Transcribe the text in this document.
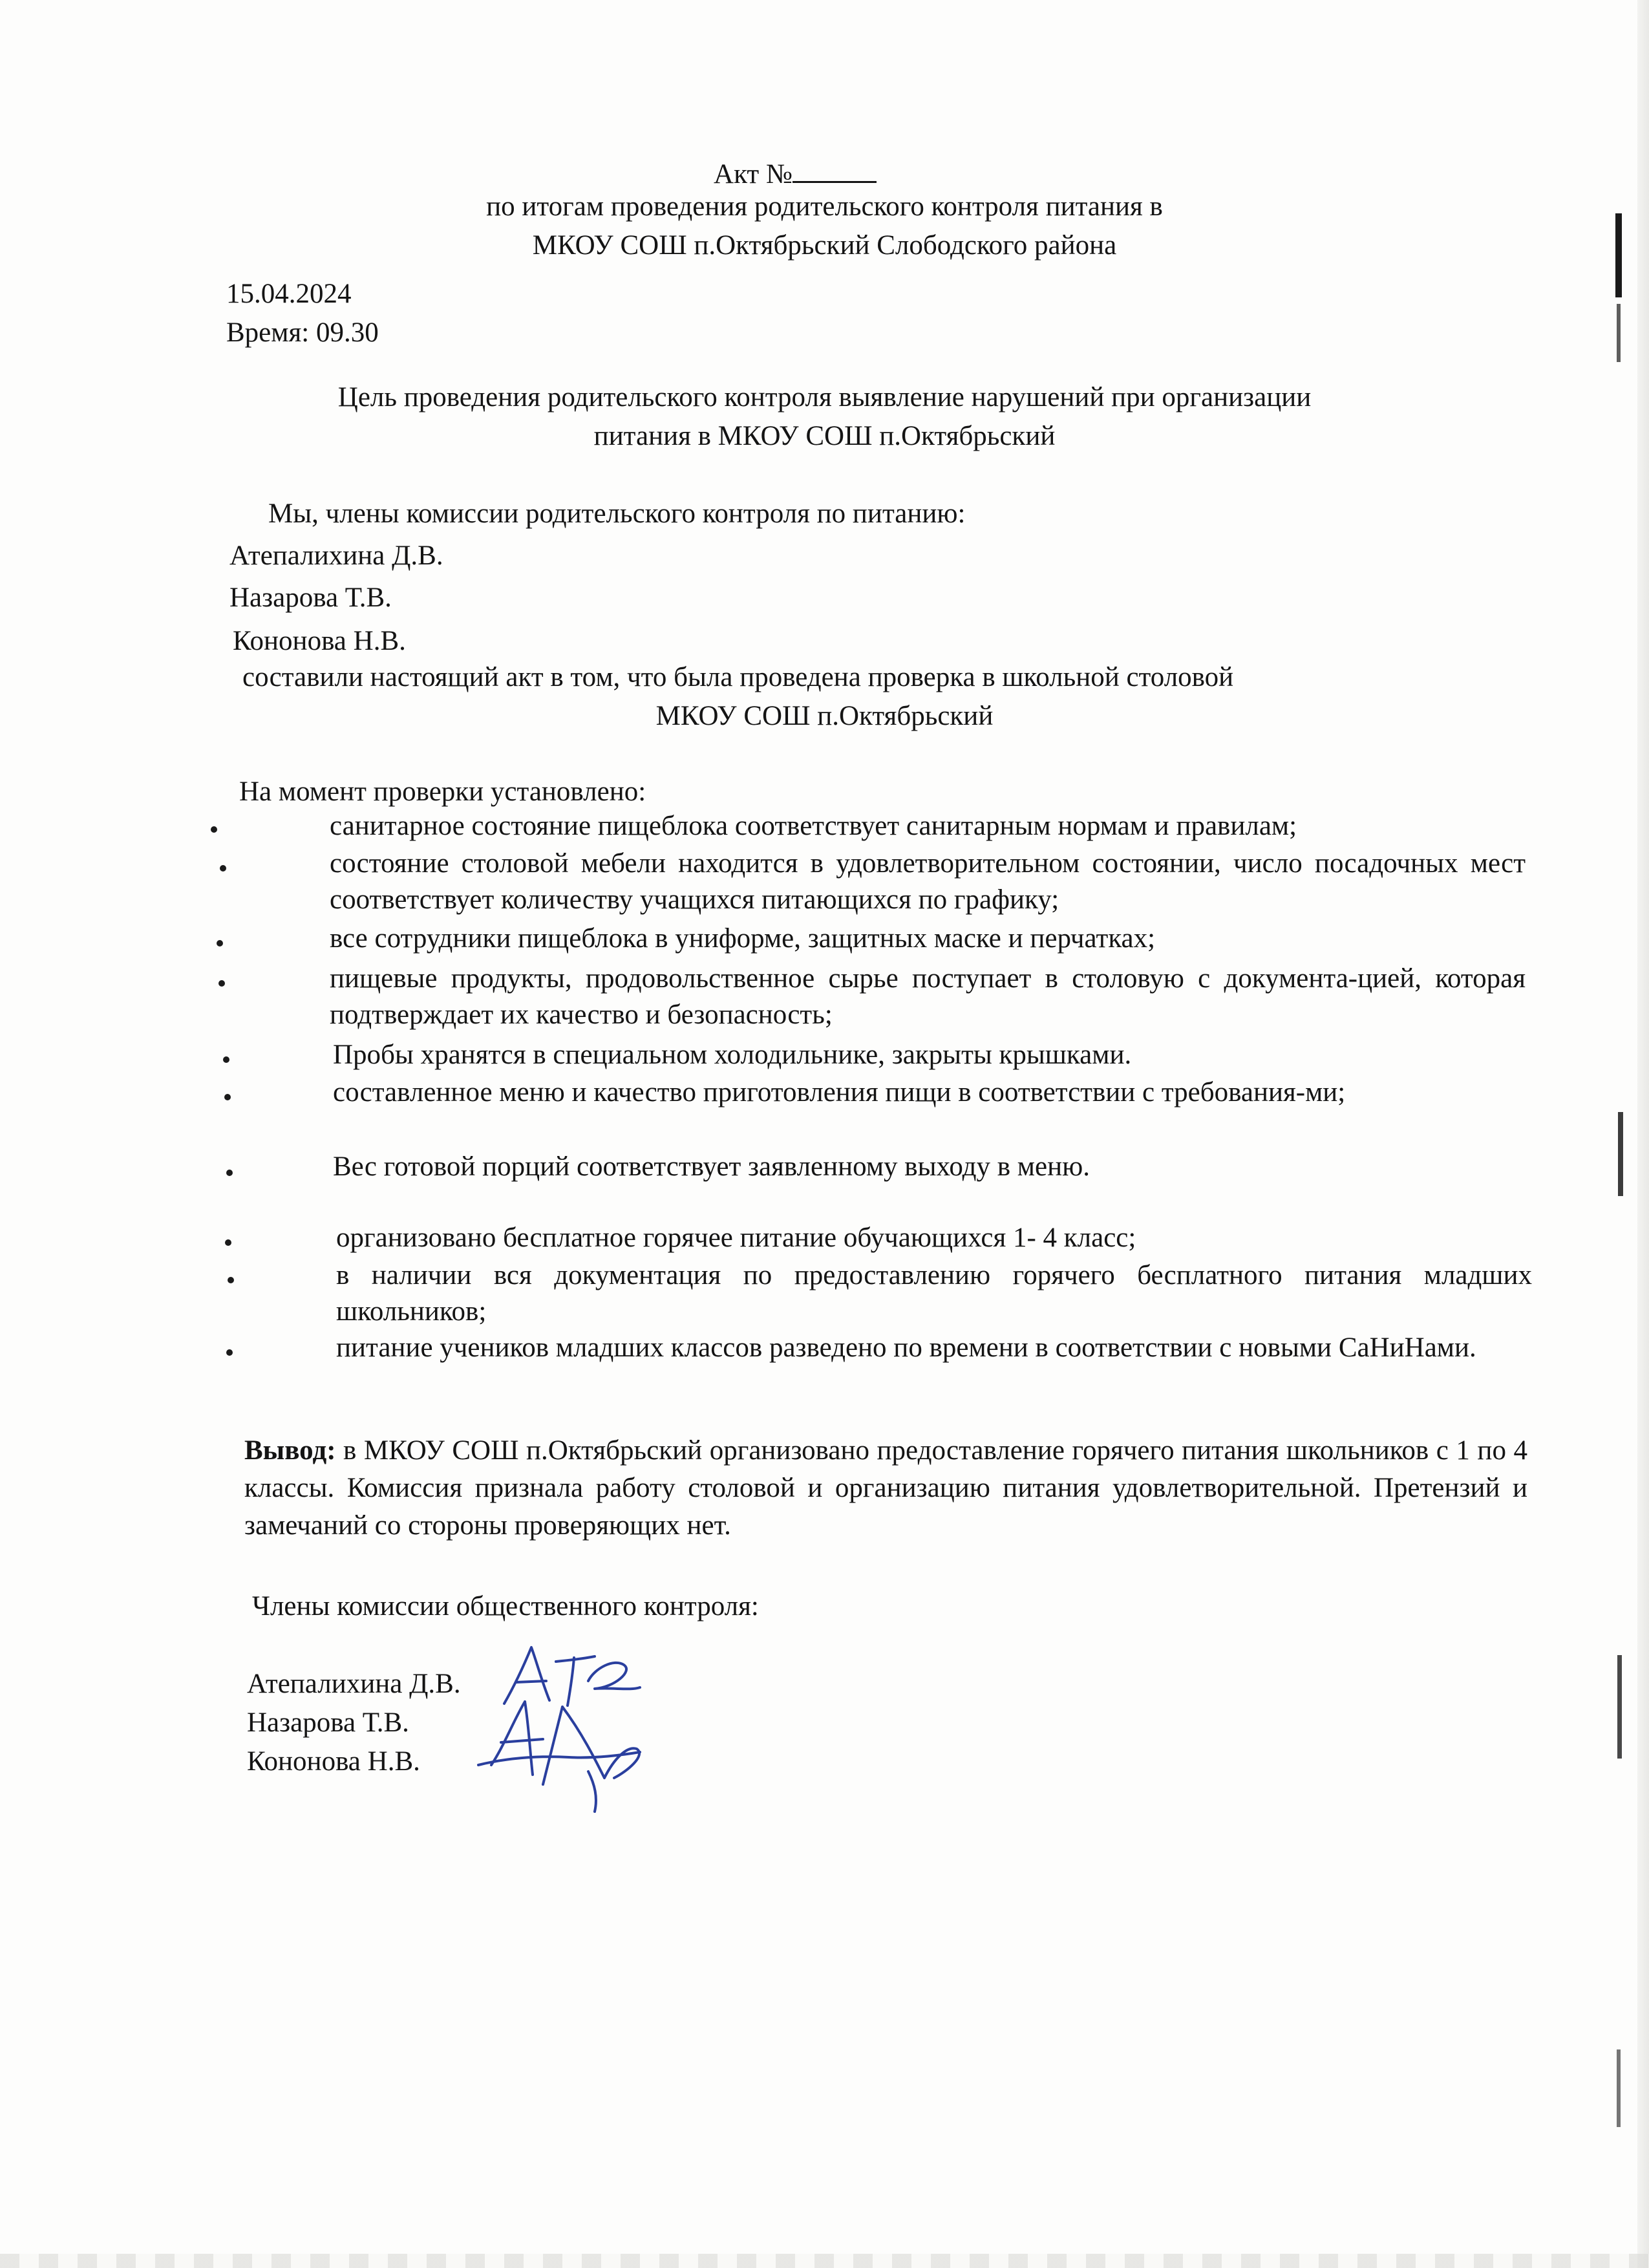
Акт №
по итогам проведения родительского контроля питания в
МКОУ СОШ п.Октябрьский Слободского района
15.04.2024
Время: 09.30
Цель проведения родительского контроля выявление нарушений при организации
питания в МКОУ СОШ п.Октябрьский
Мы, члены комиссии родительского контроля по питанию:
Атепалихина Д.В.
Назарова Т.В.
Кононова Н.В.
составили настоящий акт в том, что была проведена проверка в школьной столовой
МКОУ СОШ п.Октябрьский
На момент проверки установлено:
санитарное состояние пищеблока соответствует санитарным нормам и правилам;
состояние столовой мебели находится в удовлетворительном состоянии, число посадочных мест соответствует количеству учащихся питающихся по графику;
все сотрудники пищеблока в униформе, защитных маске и перчатках;
пищевые продукты, продовольственное сырье поступает в столовую с документа-цией, которая подтверждает их качество и безопасность;
Пробы хранятся в специальном холодильнике, закрыты крышками.
составленное меню и качество приготовления пищи в соответствии с требования-ми;
Вес готовой порций соответствует заявленному выходу в меню.
организовано бесплатное горячее питание обучающихся 1- 4 класс;
в наличии вся документация по предоставлению горячего бесплатного питания младших школьников;
питание учеников младших классов разведено по времени в соответствии с новыми СаНиНами.
Вывод: в МКОУ СОШ п.Октябрьский организовано предоставление горячего питания школьников с 1 по 4 классы. Комиссия признала работу столовой и организацию питания удовлетворительной. Претензий и замечаний со стороны проверяющих нет.
Члены комиссии общественного контроля:
Атепалихина Д.В.
Назарова Т.В.
Кононова Н.В.
